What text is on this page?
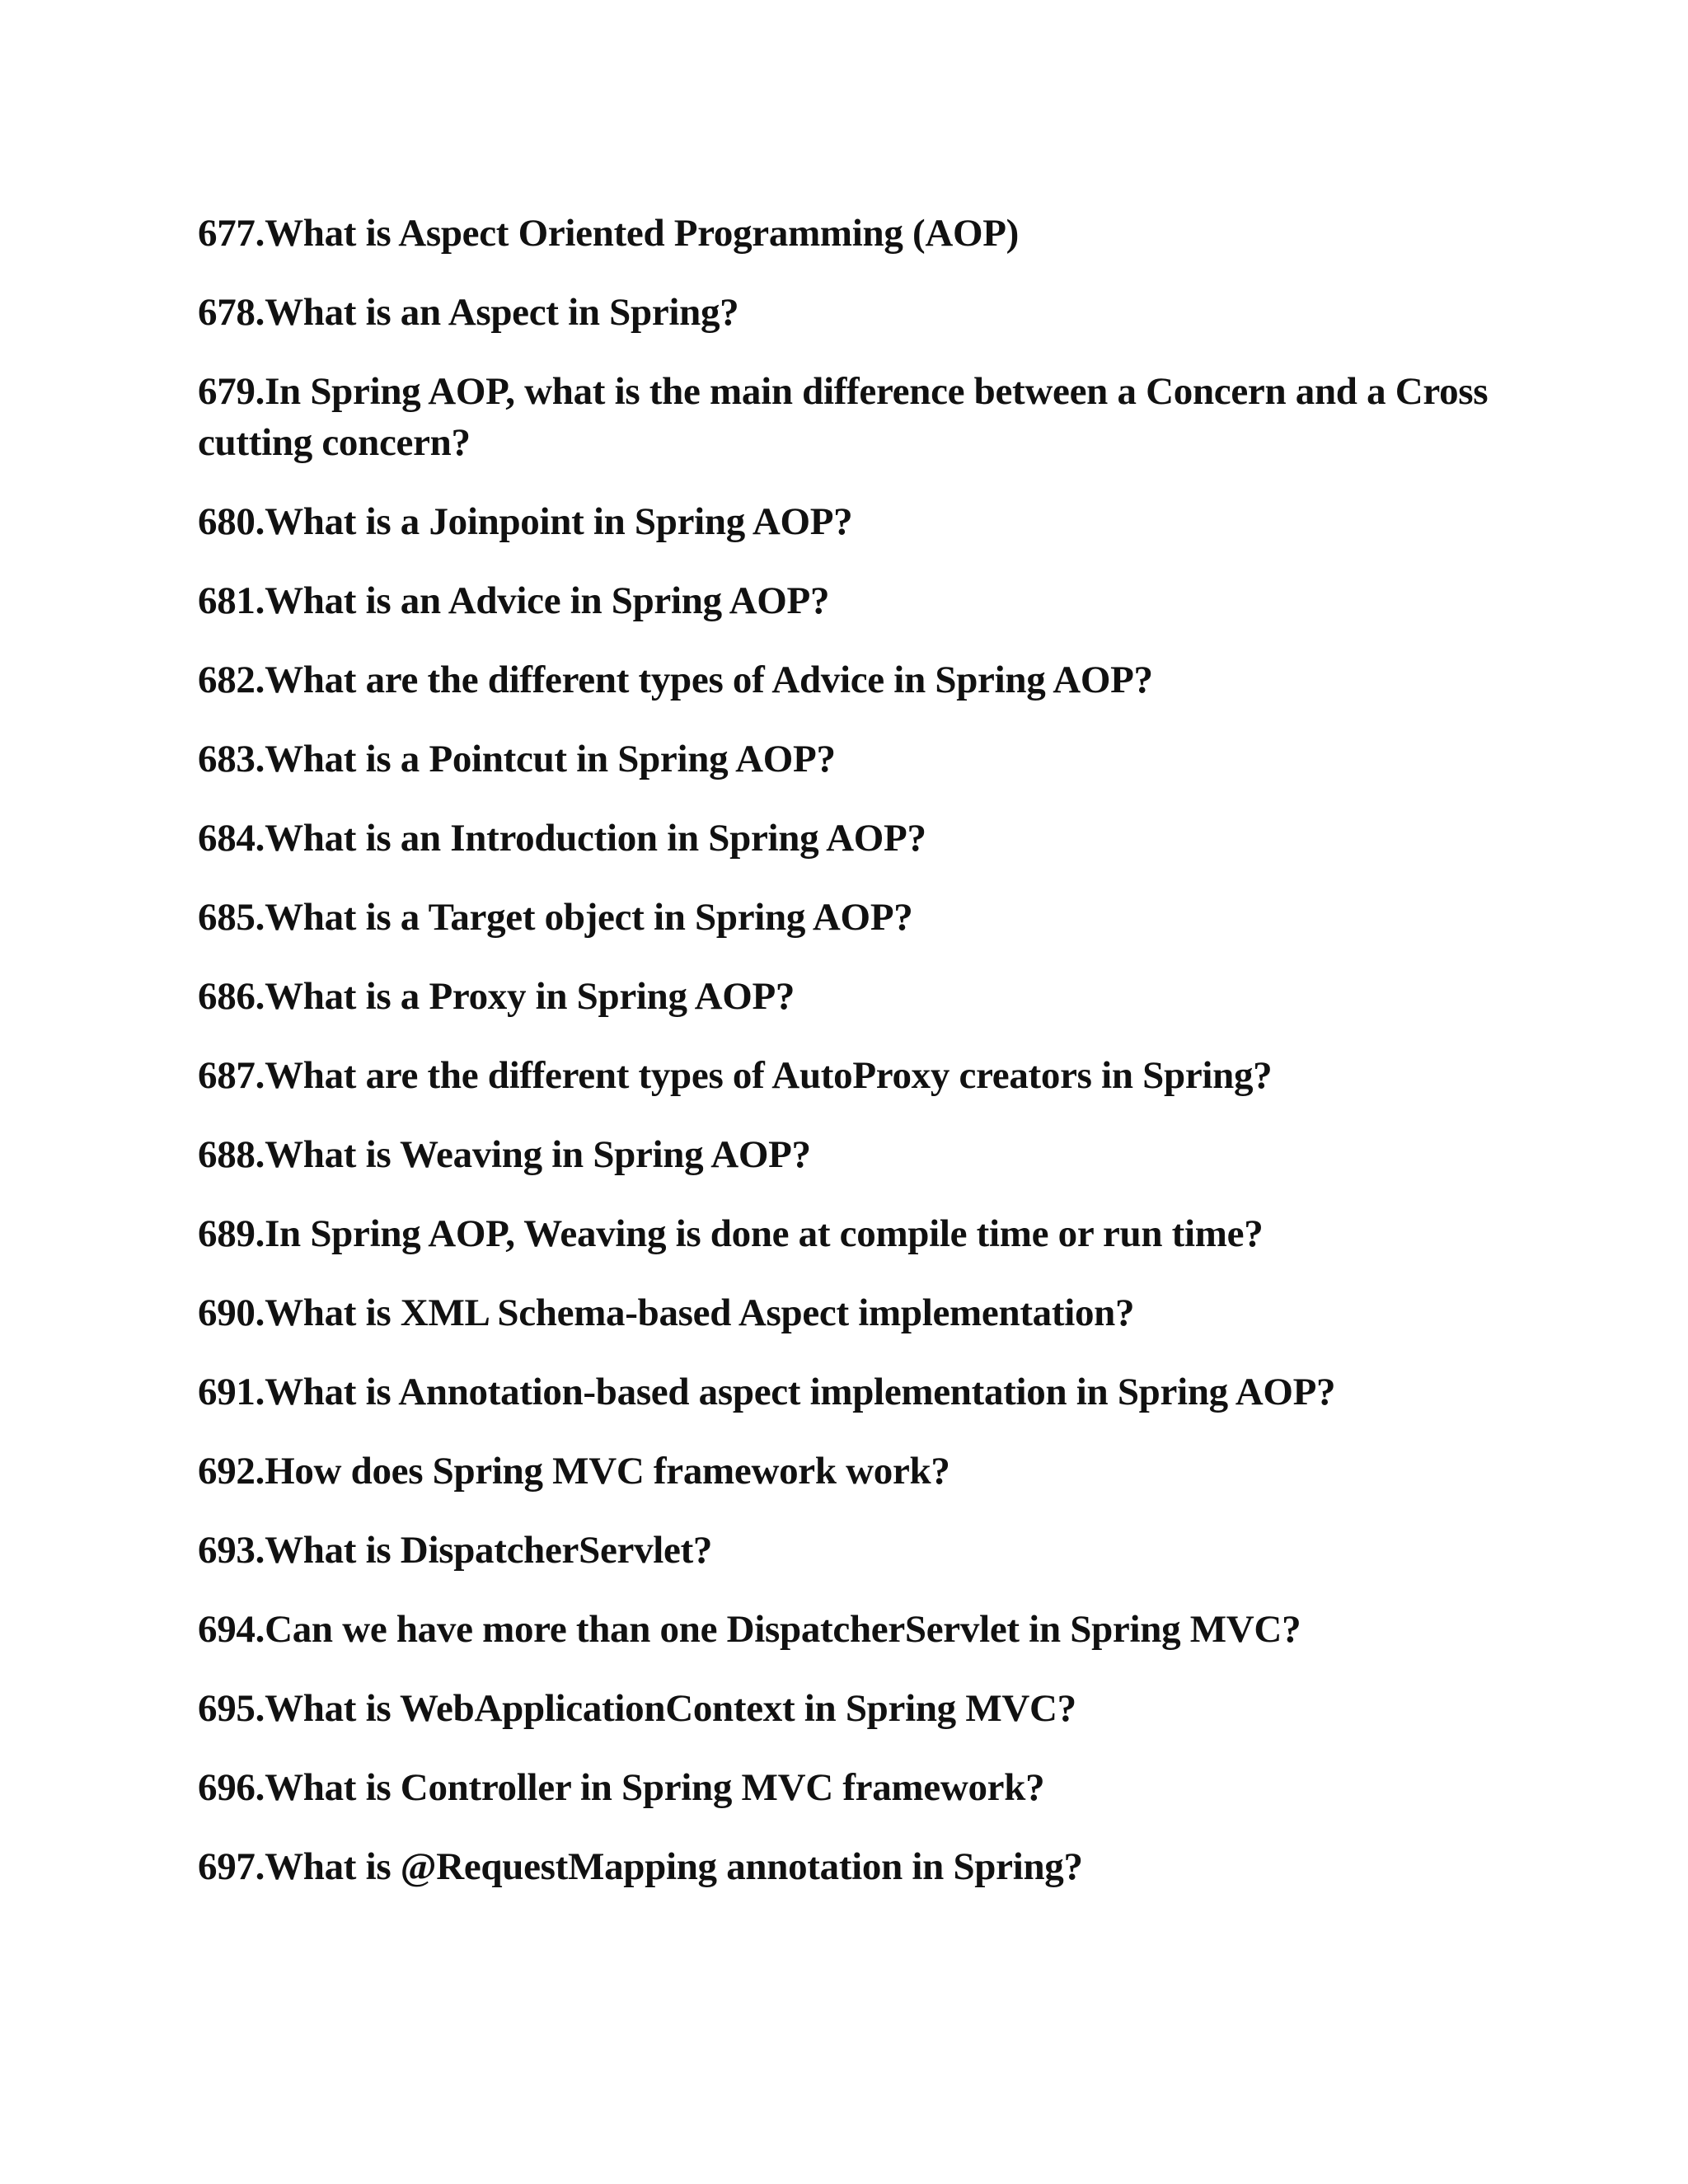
677.What is Aspect Oriented Programming (AOP)
678.What is an Aspect in Spring?
679.In Spring AOP, what is the main difference between a Concern and a Cross cutting concern?
680.What is a Joinpoint in Spring AOP?
681.What is an Advice in Spring AOP?
682.What are the different types of Advice in Spring AOP?
683.What is a Pointcut in Spring AOP?
684.What is an Introduction in Spring AOP?
685.What is a Target object in Spring AOP?
686.What is a Proxy in Spring AOP?
687.What are the different types of AutoProxy creators in Spring?
688.What is Weaving in Spring AOP?
689.In Spring AOP, Weaving is done at compile time or run time?
690.What is XML Schema-based Aspect implementation?
691.What is Annotation-based aspect implementation in Spring AOP?
692.How does Spring MVC framework work?
693.What is DispatcherServlet?
694.Can we have more than one DispatcherServlet in Spring MVC?
695.What is WebApplicationContext in Spring MVC?
696.What is Controller in Spring MVC framework?
697.What is @RequestMapping annotation in Spring?
